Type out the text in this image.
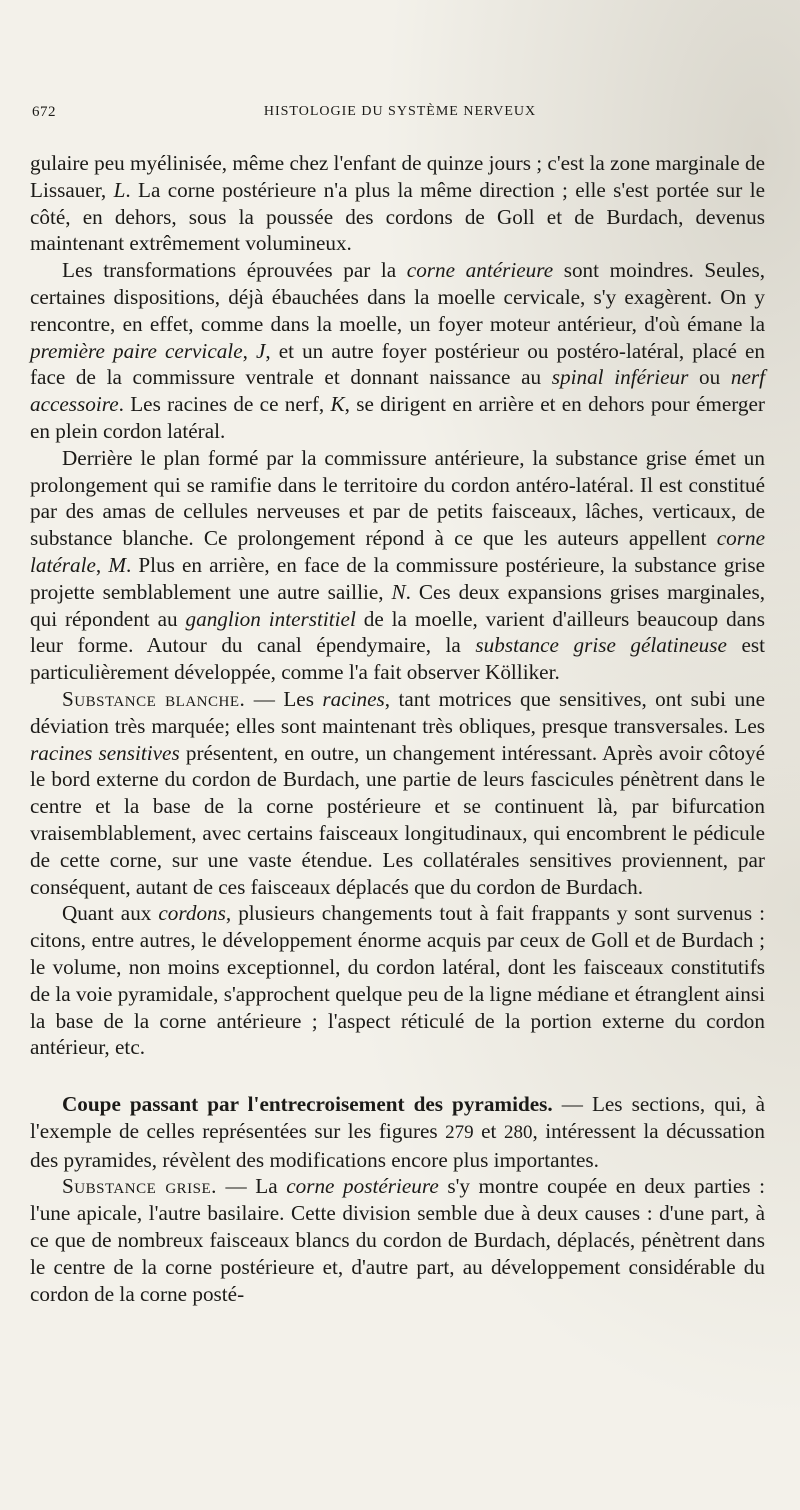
672	HISTOLOGIE DU SYSTÈME NERVEUX

gulaire peu myélinisée, même chez l'enfant de quinze jours ; c'est la zone marginale de Lissauer, L. La corne postérieure n'a plus la même direction ; elle s'est portée sur le côté, en dehors, sous la poussée des cordons de Goll et de Burdach, devenus maintenant extrêmement volumineux.

Les transformations éprouvées par la corne antérieure sont moindres. Seules, certaines dispositions, déjà ébauchées dans la moelle cervicale, s'y exagèrent. On y rencontre, en effet, comme dans la moelle, un foyer moteur antérieur, d'où émane la première paire cervicale, J, et un autre foyer postérieur ou postéro-latéral, placé en face de la commissure ventrale et donnant naissance au spinal inférieur ou nerf accessoire. Les racines de ce nerf, K, se dirigent en arrière et en dehors pour émerger en plein cordon latéral.

Derrière le plan formé par la commissure antérieure, la substance grise émet un prolongement qui se ramifie dans le territoire du cordon antéro-latéral. Il est constitué par des amas de cellules nerveuses et par de petits faisceaux, lâches, verticaux, de substance blanche. Ce prolongement répond à ce que les auteurs appellent corne latérale, M. Plus en arrière, en face de la commissure postérieure, la substance grise projette semblablement une autre saillie, N. Ces deux expansions grises marginales, qui répondent au ganglion interstitiel de la moelle, varient d'ailleurs beaucoup dans leur forme. Autour du canal épendymaire, la substance grise gélatineuse est particulièrement développée, comme l'a fait observer Kölliker.

Substance blanche. — Les racines, tant motrices que sensitives, ont subi une déviation très marquée; elles sont maintenant très obliques, presque transversales. Les racines sensitives présentent, en outre, un changement intéressant. Après avoir côtoyé le bord externe du cordon de Burdach, une partie de leurs fascicules pénètrent dans le centre et la base de la corne postérieure et se continuent là, par bifurcation vraisemblablement, avec certains faisceaux longitudinaux, qui encombrent le pédicule de cette corne, sur une vaste étendue. Les collatérales sensitives proviennent, par conséquent, autant de ces faisceaux déplacés que du cordon de Burdach.

Quant aux cordons, plusieurs changements tout à fait frappants y sont survenus : citons, entre autres, le développement énorme acquis par ceux de Goll et de Burdach ; le volume, non moins exceptionnel, du cordon latéral, dont les faisceaux constitutifs de la voie pyramidale, s'approchent quelque peu de la ligne médiane et étranglent ainsi la base de la corne antérieure ; l'aspect réticulé de la portion externe du cordon antérieur, etc.

Coupe passant par l'entrecroisement des pyramides. — Les sections, qui, à l'exemple de celles représentées sur les figures 279 et 280, intéressent la décussation des pyramides, révèlent des modifications encore plus importantes.

Substance grise. — La corne postérieure s'y montre coupée en deux parties : l'une apicale, l'autre basilaire. Cette division semble due à deux causes : d'une part, à ce que de nombreux faisceaux blancs du cordon de Burdach, déplacés, pénètrent dans le centre de la corne postérieure et, d'autre part, au développement considérable du cordon de la corne posté-
